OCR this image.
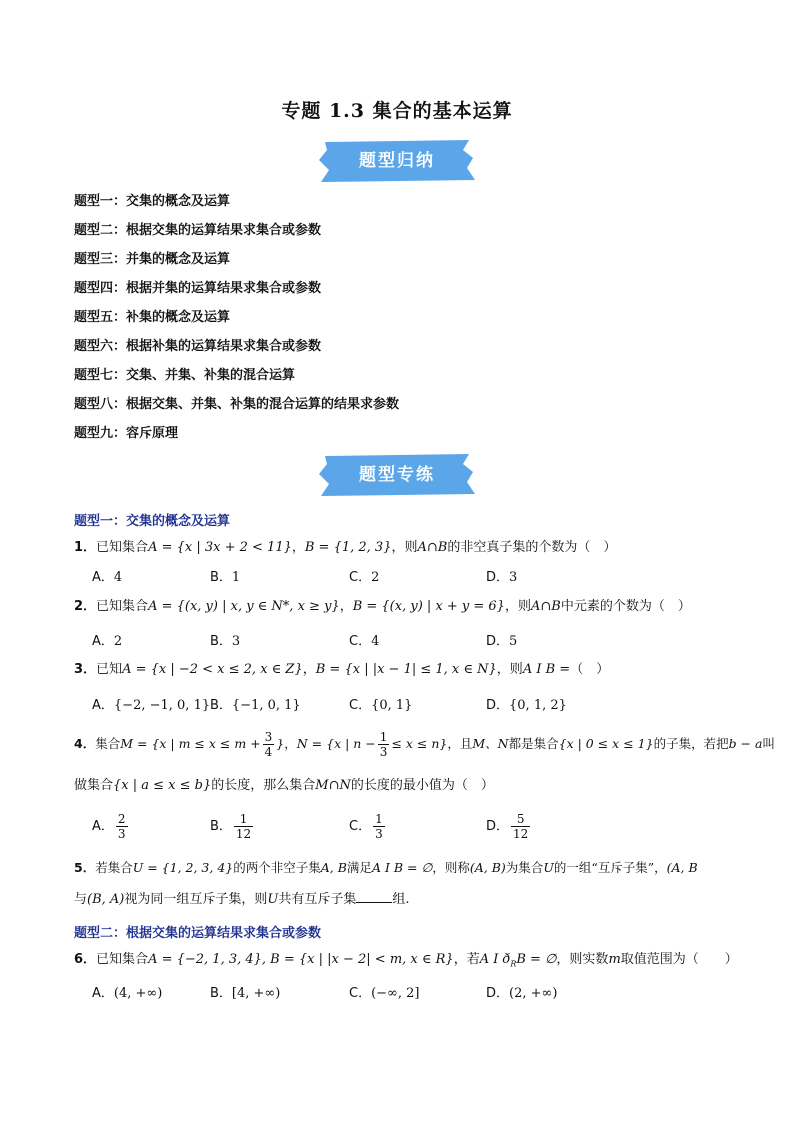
专题 1.3 集合的基本运算
题型归纳
题型一：交集的概念及运算
题型二：根据交集的运算结果求集合或参数
题型三：并集的概念及运算
题型四：根据并集的运算结果求集合或参数
题型五：补集的概念及运算
题型六：根据补集的运算结果求集合或参数
题型七：交集、并集、补集的混合运算
题型八：根据交集、并集、补集的混合运算的结果求参数
题型九：容斥原理
题型专练
题型一：交集的概念及运算
1．已知集合A = {x | 3x + 2 < 11}，B = {1, 2, 3}，则A∩B的非空真子集的个数为（　）
A．4	B．1	C．2	D．3
2．已知集合A = {(x, y) | x, y ∈ N*, x ≥ y}，B = {(x, y) | x + y = 6}，则A∩B中元素的个数为（　）
A．2	B．3	C．4	D．5
3．已知A = {x | −2 < x ≤ 2, x ∈ Z}，B = {x | |x − 1| ≤ 1, x ∈ N}，则A I B =（　）
A．{−2, −1, 0, 1} B．{−1, 0, 1}	C．{0, 1}	D．{0, 1, 2}
4．集合M = {x | $m \le x \le m + \frac{3}{4}$ }，N = {x | $n - \frac{1}{3} \le x \le n$}，且M、N都是集合{x | 0 ≤ x ≤ 1}的子集，若把b − a叫
做集合{x | a ≤ x ≤ b}的长度，那么集合M∩N的长度的最小值为（　）
A． $\frac{2}{3}$	B． $\frac{1}{12}$	C． $\frac{1}{3}$	D． $\frac{5}{12}$
5．若集合U = {1, 2, 3, 4}的两个非空子集A, B满足A I B = ∅，则称(A, B)为集合U的一组“互斥子集”，(A, B
与(B, A)视为同一组互斥子集，则U共有互斥子集	组.
题型二：根据交集的运算结果求集合或参数
6．已知集合A = {−2, 1, 3, 4}, B = {x | |x − 2| < m, x ∈ R}，若A I $ð_RB$ = ∅，则实数m取值范围为（　　）
A．(4, +∞)	B．[4, +∞)	C．(−∞, 2]	D．(2, +∞)
